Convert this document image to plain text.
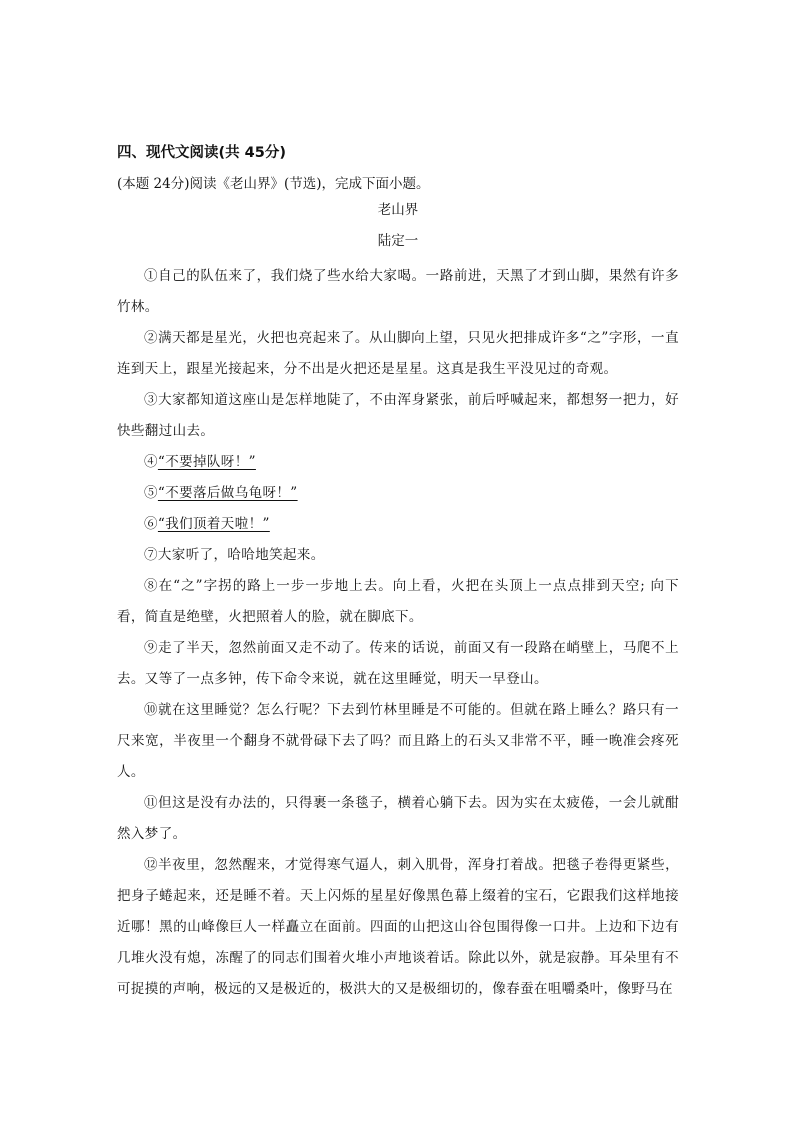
四、现代文阅读(共 45分)
(本题 24分)阅读《老山界》(节选)，完成下面小题。
老山界
陆定一

①自己的队伍来了，我们烧了些水给大家喝。一路前进，天黑了才到山脚，果然有许多竹林。

②满天都是星光，火把也亮起来了。从山脚向上望，只见火把排成许多“之”字形，一直连到天上，跟星光接起来，分不出是火把还是星星。这真是我生平没见过的奇观。

③大家都知道这座山是怎样地陡了，不由浑身紧张，前后呼喊起来，都想努一把力，好快些翻过山去。

④“不要掉队呀！”

⑤“不要落后做乌龟呀！”

⑥“我们顶着天啦！”

⑦大家听了，哈哈地笑起来。

⑧在“之”字拐的路上一步一步地上去。向上看，火把在头顶上一点点排到天空; 向下看，简直是绝壁，火把照着人的脸，就在脚底下。

⑨走了半天，忽然前面又走不动了。传来的话说，前面又有一段路在峭壁上，马爬不上去。又等了一点多钟，传下命令来说，就在这里睡觉，明天一早登山。

⑩就在这里睡觉？怎么行呢？下去到竹林里睡是不可能的。但就在路上睡么？路只有一尺来宽，半夜里一个翻身不就骨碌下去了吗？而且路上的石头又非常不平，睡一晚准会疼死人。

⑪但这是没有办法的，只得裹一条毯子，横着心躺下去。因为实在太疲倦，一会儿就酣然入梦了。

⑫半夜里，忽然醒来，才觉得寒气逼人，刺入肌骨，浑身打着战。把毯子卷得更紧些，把身子蜷起来，还是睡不着。天上闪烁的星星好像黑色幕上缀着的宝石，它跟我们这样地接近哪！黑的山峰像巨人一样矗立在面前。四面的山把这山谷包围得像一口井。上边和下边有几堆火没有熄，冻醒了的同志们围着火堆小声地谈着话。除此以外，就是寂静。耳朵里有不可捉摸的声响，极远的又是极近的，极洪大的又是极细切的，像春蚕在咀嚼桑叶，像野马在
